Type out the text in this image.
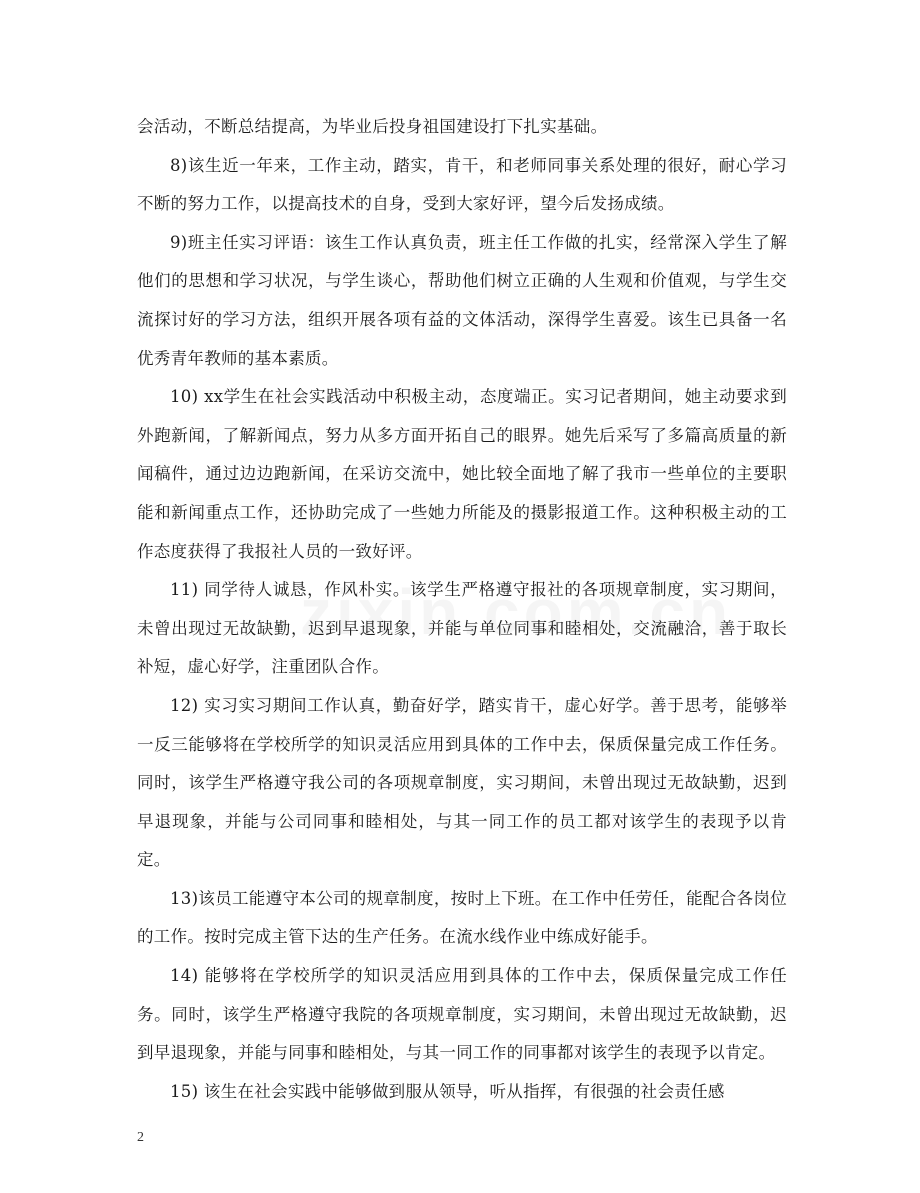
会活动，不断总结提高，为毕业后投身祖国建设打下扎实基础。

8)该生近一年来，工作主动，踏实，肯干，和老师同事关系处理的很好，耐心学习不断的努力工作，以提高技术的自身，受到大家好评，望今后发扬成绩。

9)班主任实习评语：该生工作认真负责，班主任工作做的扎实，经常深入学生了解他们的思想和学习状况，与学生谈心，帮助他们树立正确的人生观和价值观，与学生交流探讨好的学习方法，组织开展各项有益的文体活动，深得学生喜爱。该生已具备一名优秀青年教师的基本素质。

10) xx学生在社会实践活动中积极主动，态度端正。实习记者期间，她主动要求到外跑新闻，了解新闻点，努力从多方面开拓自己的眼界。她先后采写了多篇高质量的新闻稿件，通过边边跑新闻，在采访交流中，她比较全面地了解了我市一些单位的主要职能和新闻重点工作，还协助完成了一些她力所能及的摄影报道工作。这种积极主动的工作态度获得了我报社人员的一致好评。

11) 同学待人诚恳，作风朴实。该学生严格遵守报社的各项规章制度，实习期间，未曾出现过无故缺勤，迟到早退现象，并能与单位同事和睦相处，交流融洽，善于取长补短，虚心好学，注重团队合作。

12) 实习实习期间工作认真，勤奋好学，踏实肯干，虚心好学。善于思考，能够举一反三能够将在学校所学的知识灵活应用到具体的工作中去，保质保量完成工作任务。同时，该学生严格遵守我公司的各项规章制度，实习期间，未曾出现过无故缺勤，迟到早退现象，并能与公司同事和睦相处，与其一同工作的员工都对该学生的表现予以肯定。

13)该员工能遵守本公司的规章制度，按时上下班。在工作中任劳任，能配合各岗位的工作。按时完成主管下达的生产任务。在流水线作业中练成好能手。

14) 能够将在学校所学的知识灵活应用到具体的工作中去，保质保量完成工作任务。同时，该学生严格遵守我院的各项规章制度，实习期间，未曾出现过无故缺勤，迟到早退现象，并能与同事和睦相处，与其一同工作的同事都对该学生的表现予以肯定。

15) 该生在社会实践中能够做到服从领导，听从指挥，有很强的社会责任感

2
